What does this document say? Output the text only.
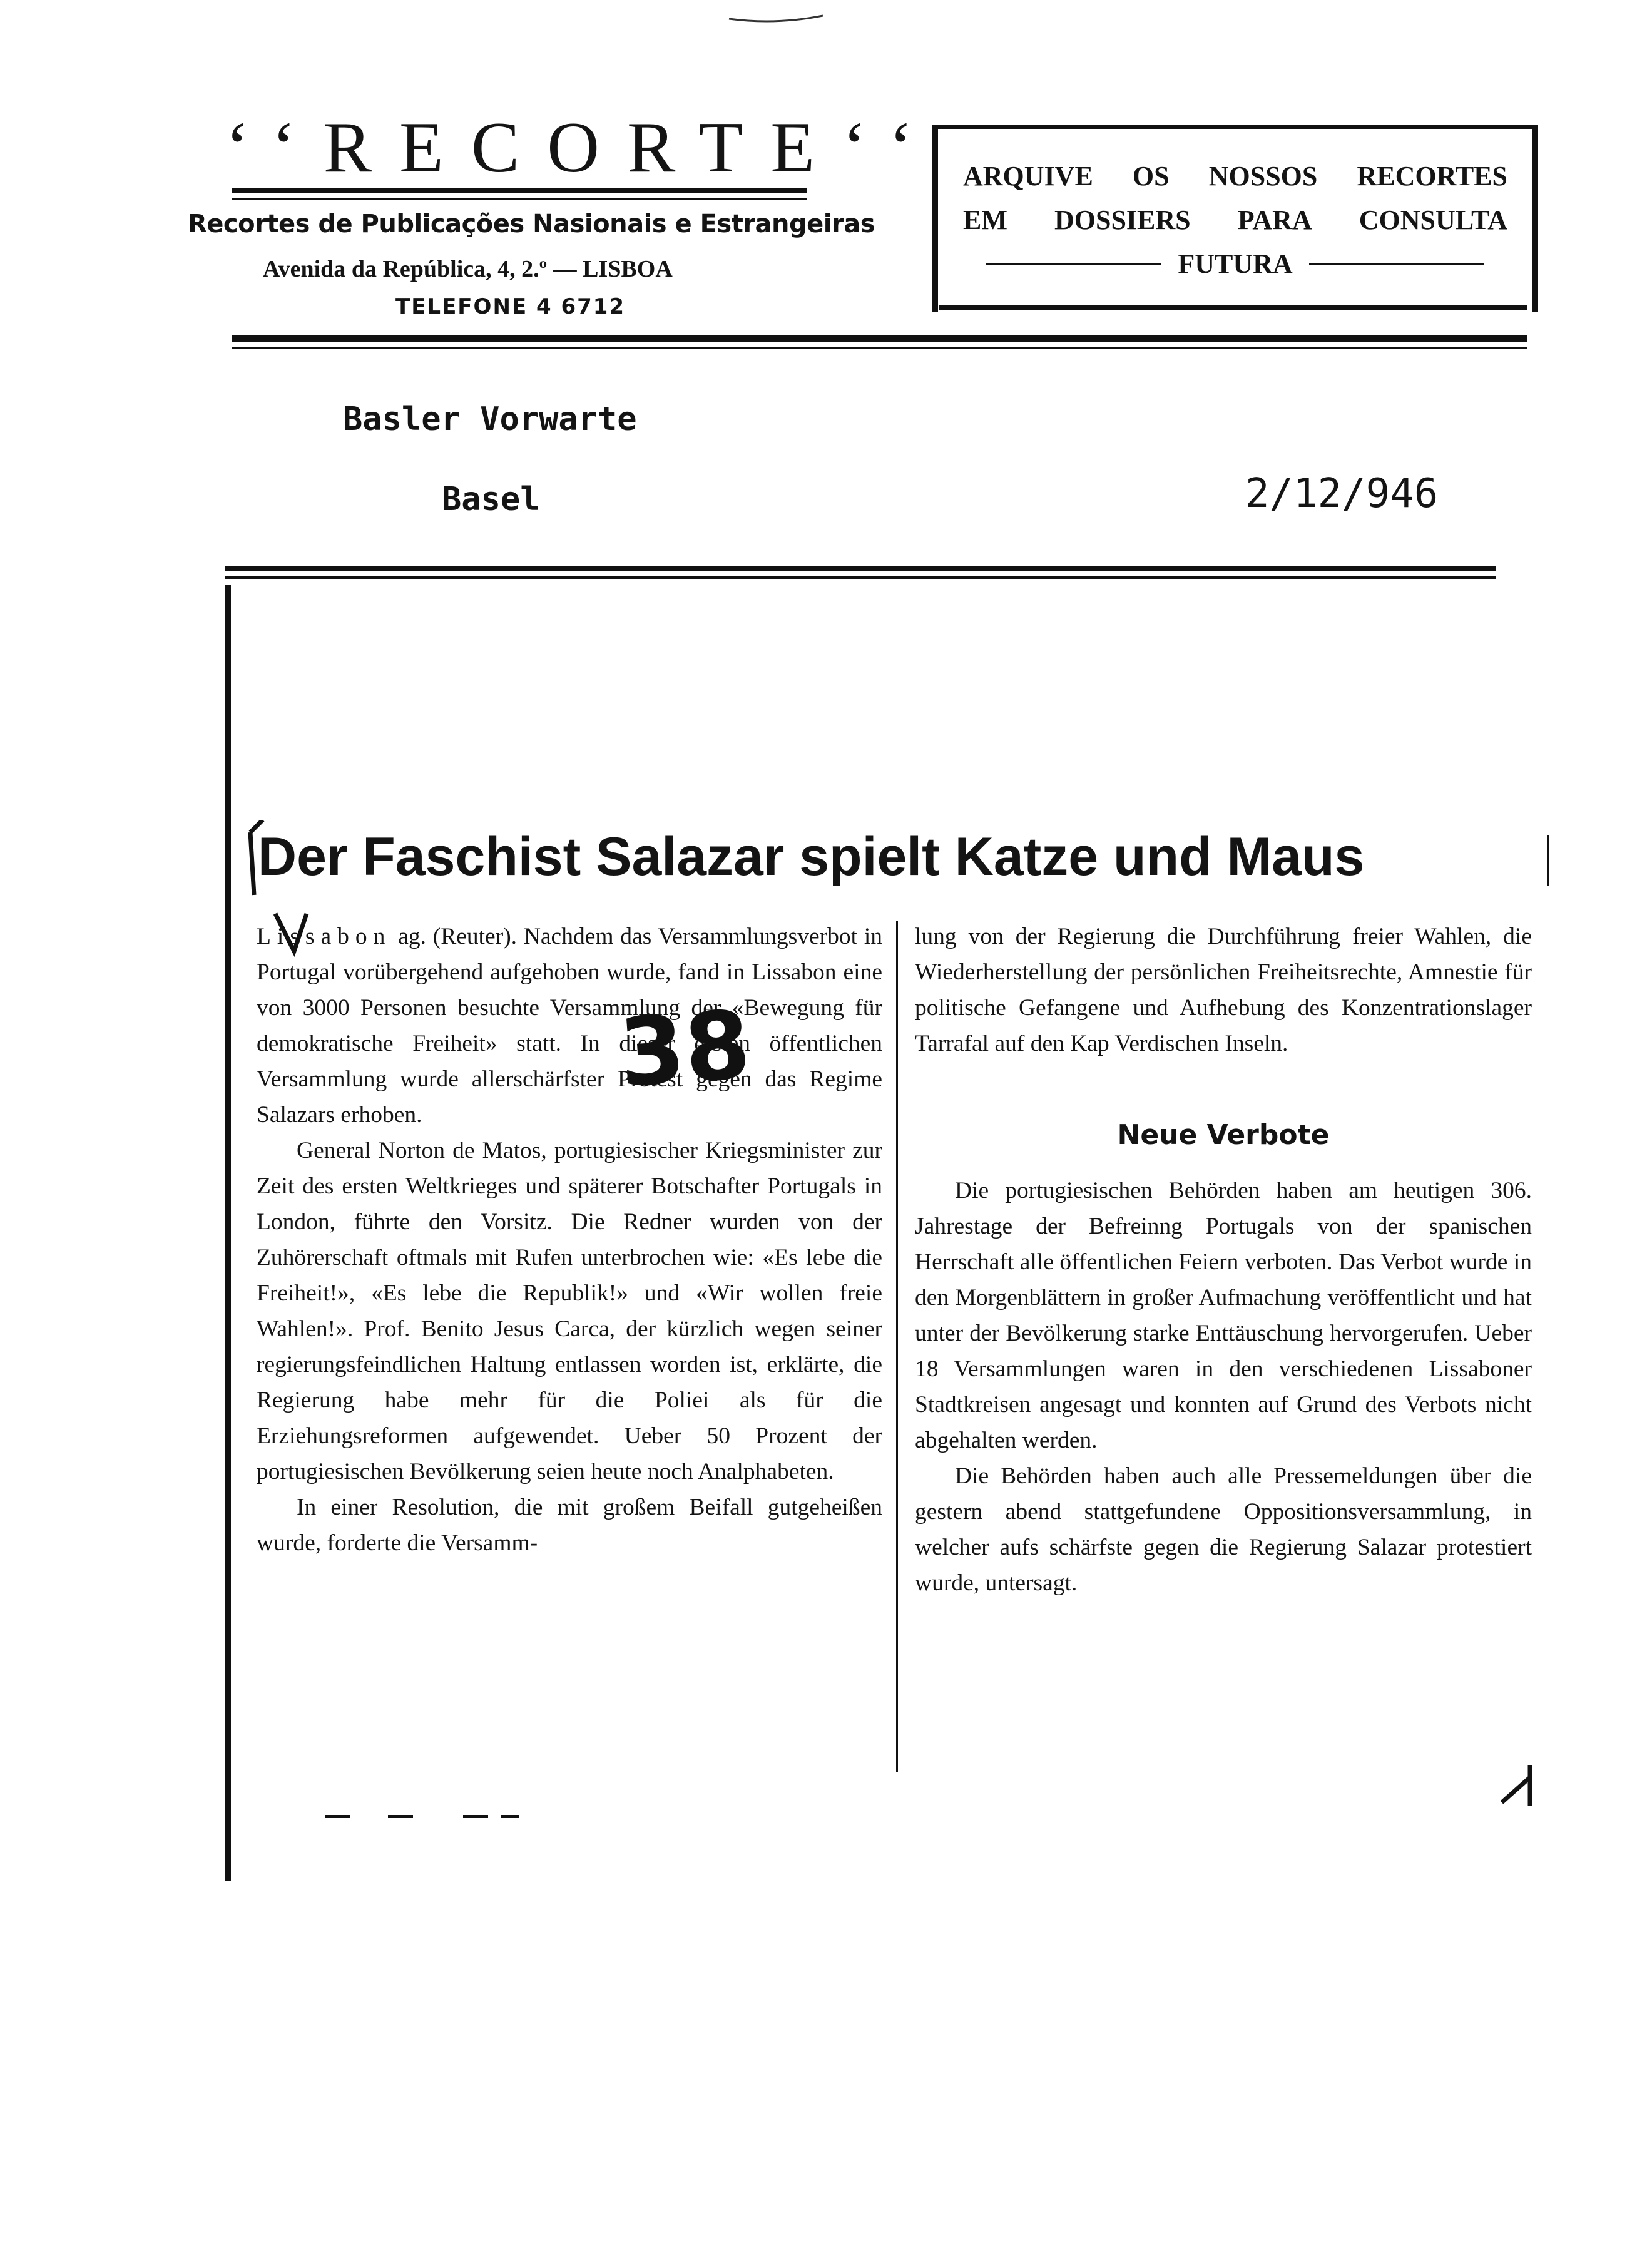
‘‘RECORTE‘‘
Recortes de Publicações Nasionais e Estrangeiras
Avenida da República, 4, 2.º — LISBOA
TELEFONE 4 6712
ARQUIVE OS NOSSOS RECORTES
EM DOSSIERS PARA CONSULTA
FUTURA
Basler Vorwarte
Basel	2/12/946
Der Faschist Salazar spielt Katze und Maus

Lissabon ag. (Reuter). Nachdem das Versammlungsverbot in Portugal vorübergehend aufgehoben wurde, fand in Lissabon eine von 3000 Personen besuchte Versammlung der «Bewegung für demokratische Freiheit» statt. In dieser ersten öffentlichen Versammlung wurde allerschärfster Protest gegen das Regime Salazars erhoben.

General Norton de Matos, portugiesischer Kriegsminister zur Zeit des ersten Weltkrieges und späterer Botschafter Portugals in London, führte den Vorsitz. Die Redner wurden von der Zuhörerschaft oftmals mit Rufen unterbrochen wie: «Es lebe die Freiheit!», «Es lebe die Republik!» und «Wir wollen freie Wahlen!». Prof. Benito Jesus Carca, der kürzlich wegen seiner regierungsfeindlichen Haltung entlassen worden ist, erklärte, die Regierung habe mehr für die Poliei als für die Erziehungsreformen aufgewendet. Ueber 50 Prozent der portugiesischen Bevölkerung seien heute noch Analphabeten.

In einer Resolution, die mit großem Beifall gutgeheißen wurde, forderte die Versamm-

lung von der Regierung die Durchführung freier Wahlen, die Wiederherstellung der persönlichen Freiheitsrechte, Amnestie für politische Gefangene und Aufhebung des Konzentrationslager Tarrafal auf den Kap Verdischen Inseln.

Neue Verbote

Die portugiesischen Behörden haben am heutigen 306. Jahrestage der Befreinng Portugals von der spanischen Herrschaft alle öffentlichen Feiern verboten. Das Verbot wurde in den Morgenblättern in großer Aufmachung veröffentlicht und hat unter der Bevölkerung starke Enttäuschung hervorgerufen. Ueber 18 Versammlungen waren in den verschiedenen Lissaboner Stadtkreisen angesagt und konnten auf Grund des Verbots nicht abgehalten werden.

Die Behörden haben auch alle Pressemeldungen über die gestern abend stattgefundene Oppositionsversammlung, in welcher aufs schärfste gegen die Regierung Salazar protestiert wurde, untersagt.

38
